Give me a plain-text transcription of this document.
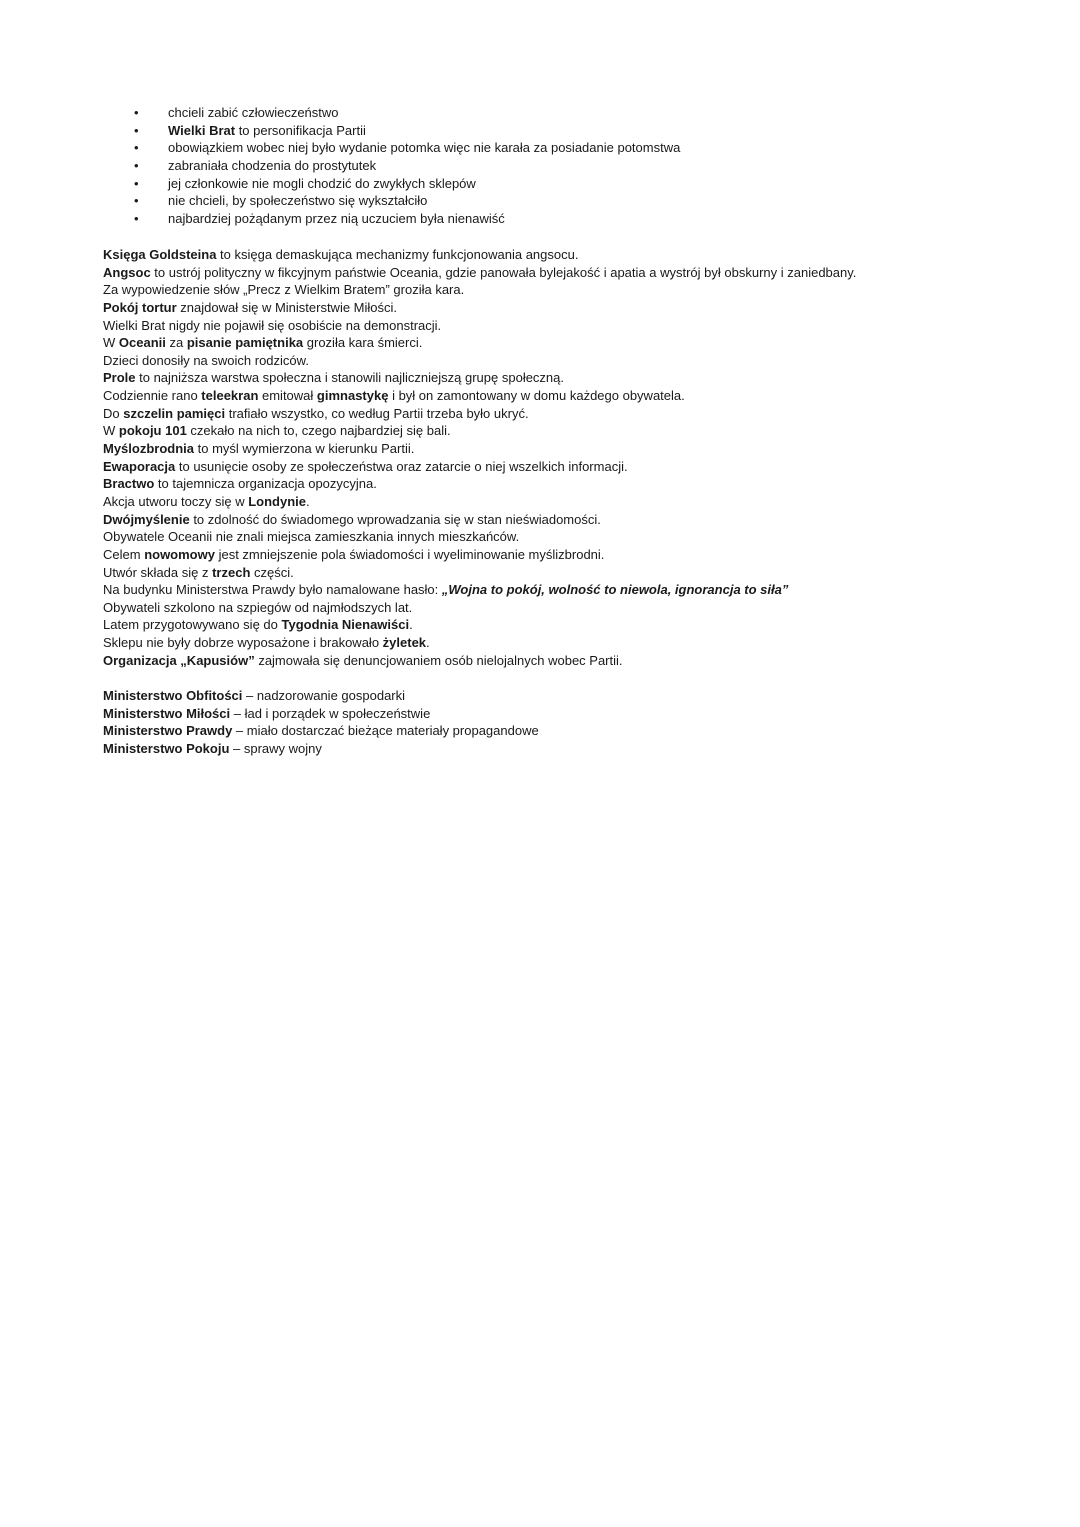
• chcieli zabić człowieczeństwo
• Wielki Brat to personifikacja Partii
• obowiązkiem wobec niej było wydanie potomka więc nie karała za posiadanie potomstwa
• zabraniała chodzenia do prostytutek
• jej członkowie nie mogli chodzić do zwykłych sklepów
• nie chcieli, by społeczeństwo się wykształciło
• najbardziej pożądanym przez nią uczuciem była nienawiść

Księga Goldsteina to księga demaskująca mechanizmy funkcjonowania angsocu.

Angsoc to ustrój polityczny w fikcyjnym państwie Oceania, gdzie panowała bylejakość i apatia a wystrój był obskurny i zaniedbany.

Za wypowiedzenie słów „Precz z Wielkim Bratem” groziła kara.

Pokój tortur znajdował się w Ministerstwie Miłości.

Wielki Brat nigdy nie pojawił się osobiście na demonstracji.

W Oceanii za pisanie pamiętnika groziła kara śmierci.

Dzieci donosiły na swoich rodziców.

Prole to najniższa warstwa społeczna i stanowili najliczniejszą grupę społeczną.

Codziennie rano teleekran emitował gimnastykę i był on zamontowany w domu każdego obywatela.

Do szczelin pamięci trafiało wszystko, co według Partii trzeba było ukryć.

W pokoju 101 czekało na nich to, czego najbardziej się bali.

Myślozbrodnia to myśl wymierzona w kierunku Partii.

Ewaporacja to usunięcie osoby ze społeczeństwa oraz zatarcie o niej wszelkich informacji.

Bractwo to tajemnicza organizacja opozycyjna.

Akcja utworu toczy się w Londynie.

Dwójmyślenie to zdolność do świadomego wprowadzania się w stan nieświadomości.

Obywatele Oceanii nie znali miejsca zamieszkania innych mieszkańców.

Celem nowomowy jest zmniejszenie pola świadomości i wyeliminowanie myślizbrodni.

Utwór składa się z trzech części.

Na budynku Ministerstwa Prawdy było namalowane hasło: „Wojna to pokój, wolność to niewola, ignorancja to siła”

Obywateli szkolono na szpiegów od najmłodszych lat.

Latem przygotowywano się do Tygodnia Nienawiści.

Sklepu nie były dobrze wyposażone i brakowało żyletek.

Organizacja „Kapusiów” zajmowała się denuncjowaniem osób nielojalnych wobec Partii.

Ministerstwo Obfitości – nadzorowanie gospodarki

Ministerstwo Miłości – ład i porządek w społeczeństwie

Ministerstwo Prawdy – miało dostarczać bieżące materiały propagandowe

Ministerstwo Pokoju – sprawy wojny
